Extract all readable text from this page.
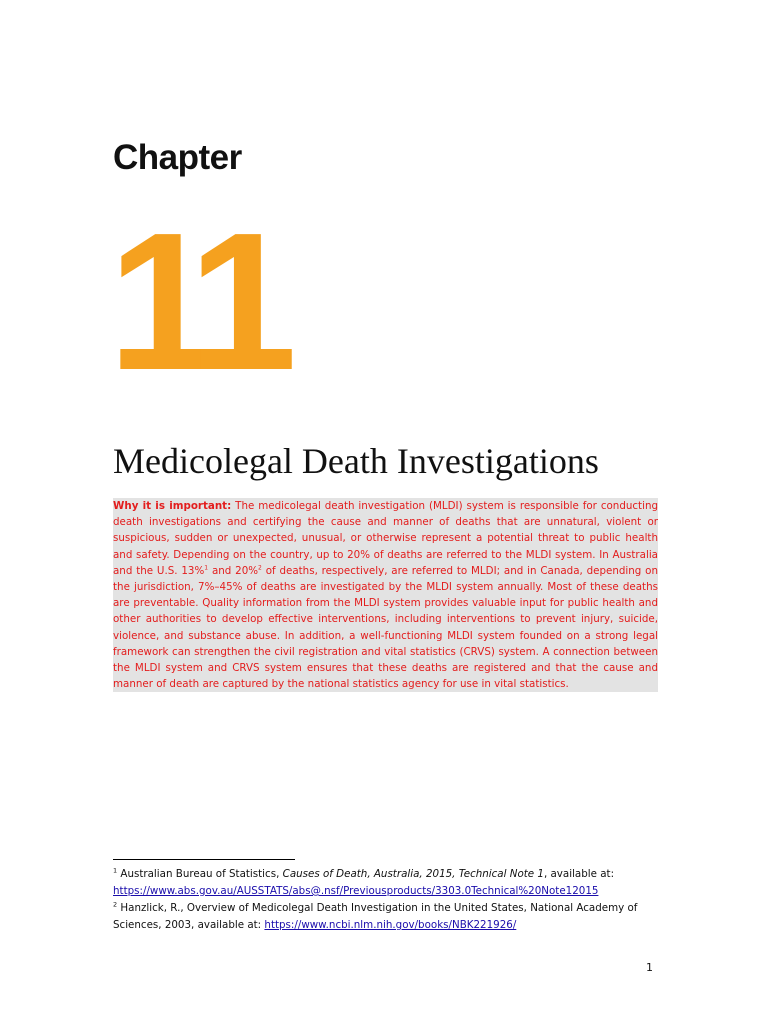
Chapter
11
Medicolegal Death Investigations
Why it is important: The medicolegal death investigation (MLDI) system is responsible for conducting death investigations and certifying the cause and manner of deaths that are unnatural, violent or suspicious, sudden or unexpected, unusual, or otherwise represent a potential threat to public health and safety. Depending on the country, up to 20% of deaths are referred to the MLDI system. In Australia and the U.S. 13%$^1$ and 20%$^2$ of deaths, respectively, are referred to MLDI; and in Canada, depending on the jurisdiction, 7%–45% of deaths are investigated by the MLDI system annually. Most of these deaths are preventable. Quality information from the MLDI system provides valuable input for public health and other authorities to develop effective interventions, including interventions to prevent injury, suicide, violence, and substance abuse. In addition, a well-functioning MLDI system founded on a strong legal framework can strengthen the civil registration and vital statistics (CRVS) system. A connection between the MLDI system and CRVS system ensures that these deaths are registered and that the cause and manner of death are captured by the national statistics agency for use in vital statistics.
$^1$ Australian Bureau of Statistics, Causes of Death, Australia, 2015, Technical Note 1, available at:
https://www.abs.gov.au/AUSSTATS/abs@.nsf/Previousproducts/3303.0Technical%20Note12015
$^2$ Hanzlick, R., Overview of Medicolegal Death Investigation in the United States, National Academy of Sciences, 2003, available at: https://www.ncbi.nlm.nih.gov/books/NBK221926/
1
